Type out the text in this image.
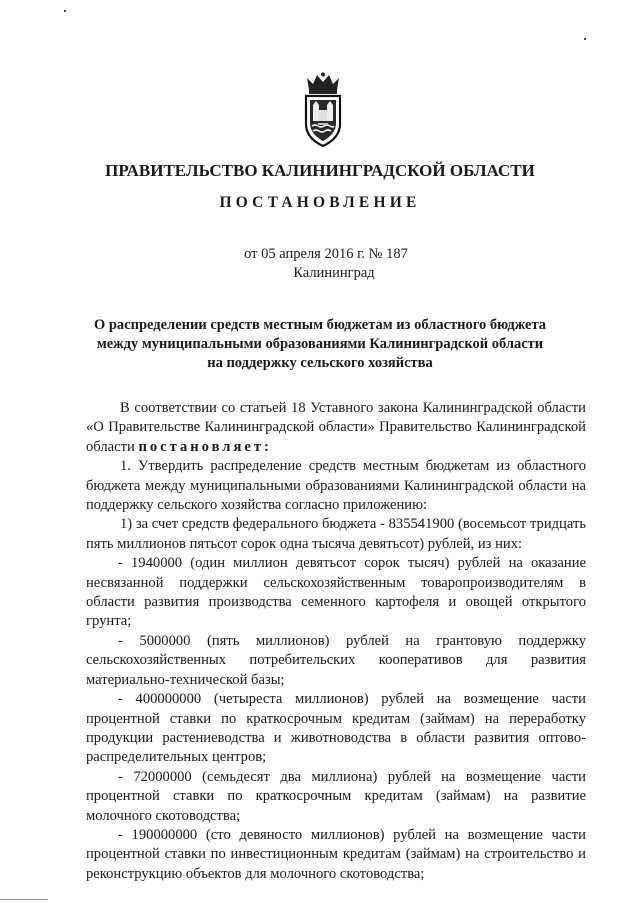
ПРАВИТЕЛЬСТВО КАЛИНИНГРАДСКОЙ ОБЛАСТИ
ПОСТАНОВЛЕНИЕ
от 05 апреля 2016 г. № 187
Калининград
О распределении средств местным бюджетам из областного бюджета
между муниципальными образованиями Калининградской области
на поддержку сельского хозяйства

В соответствии со статьей 18 Уставного закона Калининградской области «О Правительстве Калининградской области» Правительство Калининградской области постановляет:

1. Утвердить распределение средств местным бюджетам из областного бюджета между муниципальными образованиями Калининградской области на поддержку сельского хозяйства согласно приложению:

1) за счет средств федерального бюджета - 835541900 (восемьсот тридцать пять миллионов пятьсот сорок одна тысяча девятьсот) рублей, из них:

- 1940000 (один миллион девятьсот сорок тысяч) рублей на оказание несвязанной поддержки сельскохозяйственным товаропроизводителям в области развития производства семенного картофеля и овощей открытого грунта;

- 5000000 (пять миллионов) рублей на грантовую поддержку сельскохозяйственных потребительских кооперативов для развития материально-технической базы;

- 400000000 (четыреста миллионов) рублей на возмещение части процентной ставки по краткосрочным кредитам (займам) на переработку продукции растениеводства и животноводства в области развития оптово-распределительных центров;

- 72000000 (семьдесят два миллиона) рублей на возмещение части процентной ставки по краткосрочным кредитам (займам) на развитие молочного скотоводства;

- 190000000 (сто девяносто миллионов) рублей на возмещение части процентной ставки по инвестиционным кредитам (займам) на строительство и реконструкцию объектов для молочного скотоводства;
